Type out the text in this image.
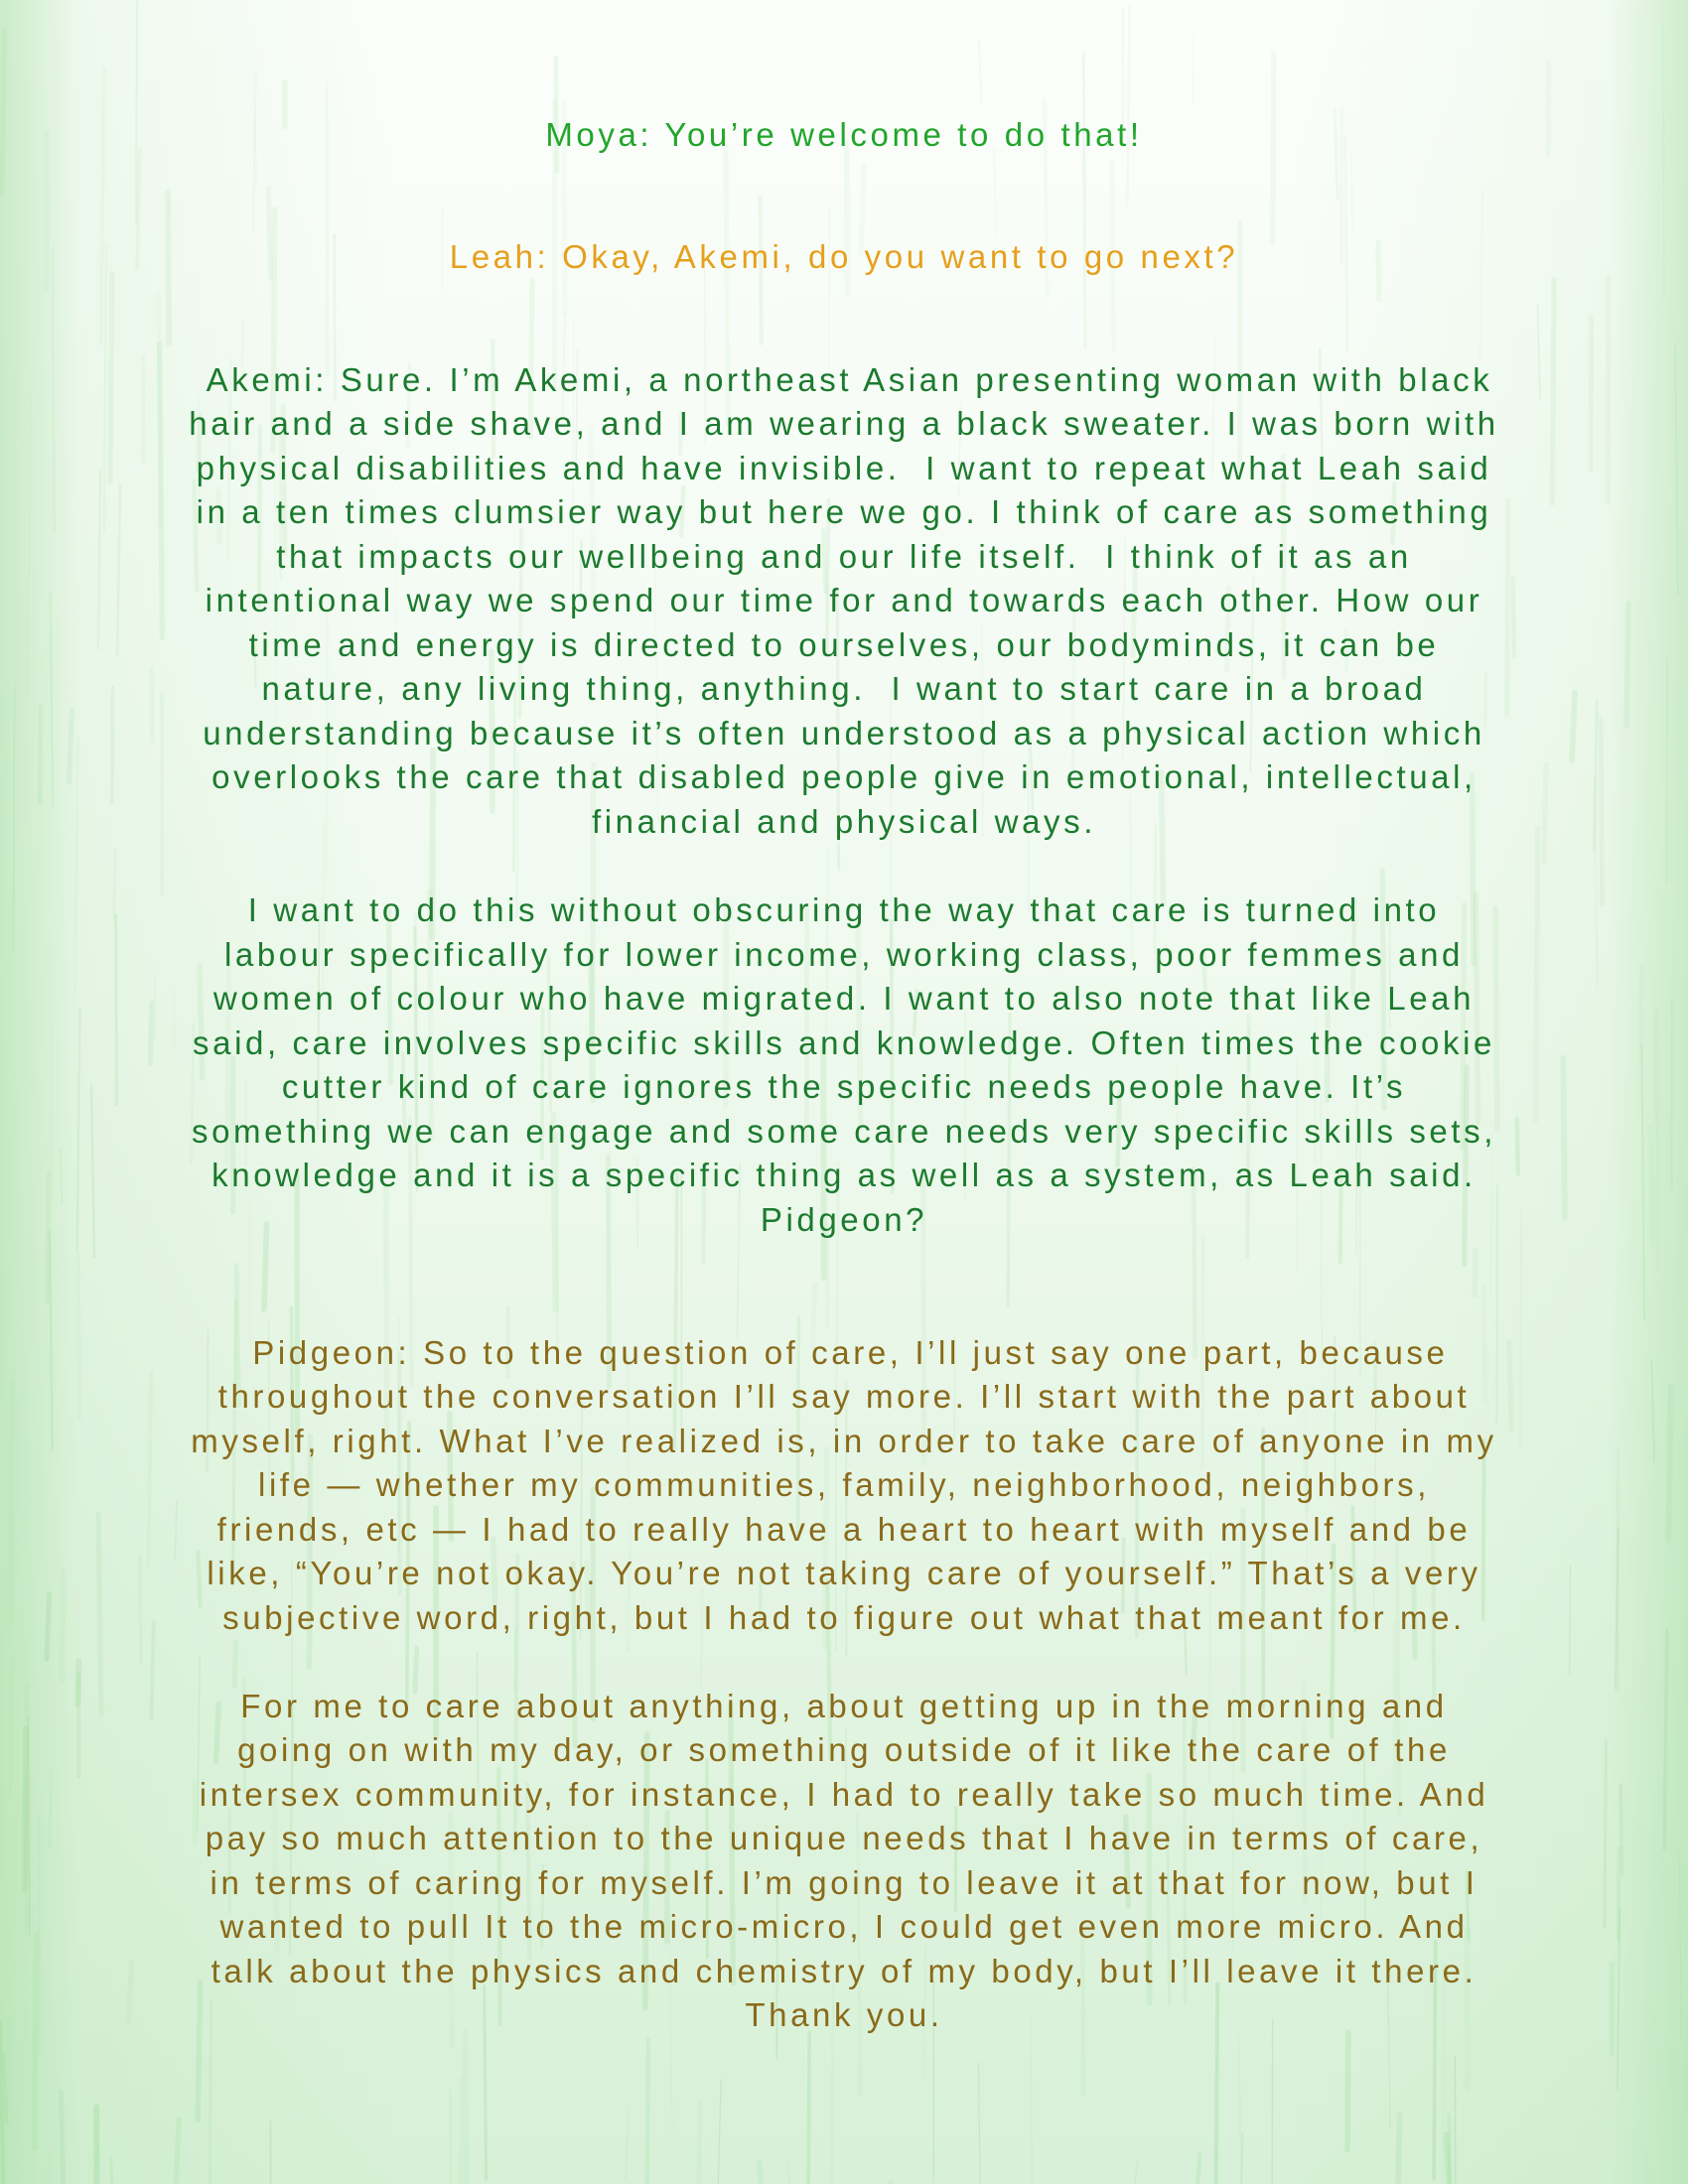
Moya: You’re welcome to do that!
Leah: Okay, Akemi, do you want to go next?
Akemi: Sure. I’m Akemi, a northeast Asian presenting woman with black
hair and a side shave, and I am wearing a black sweater. I was born with
physical disabilities and have invisible.  I want to repeat what Leah said
in a ten times clumsier way but here we go. I think of care as something
that impacts our wellbeing and our life itself.  I think of it as an
intentional way we spend our time for and towards each other. How our
time and energy is directed to ourselves, our bodyminds, it can be
nature, any living thing, anything.  I want to start care in a broad
understanding because it’s often understood as a physical action which
overlooks the care that disabled people give in emotional, intellectual,
financial and physical ways.
I want to do this without obscuring the way that care is turned into
labour specifically for lower income, working class, poor femmes and
women of colour who have migrated. I want to also note that like Leah
said, care involves specific skills and knowledge. Often times the cookie
cutter kind of care ignores the specific needs people have. It’s
something we can engage and some care needs very specific skills sets,
knowledge and it is a specific thing as well as a system, as Leah said.
Pidgeon?
Pidgeon: So to the question of care, I’ll just say one part, because
throughout the conversation I’ll say more. I’ll start with the part about
myself, right. What I’ve realized is, in order to take care of anyone in my
life — whether my communities, family, neighborhood, neighbors,
friends, etc — I had to really have a heart to heart with myself and be
like, “You’re not okay. You’re not taking care of yourself.” That’s a very
subjective word, right, but I had to figure out what that meant for me.
For me to care about anything, about getting up in the morning and
going on with my day, or something outside of it like the care of the
intersex community, for instance, I had to really take so much time. And
pay so much attention to the unique needs that I have in terms of care,
in terms of caring for myself. I’m going to leave it at that for now, but I
wanted to pull It to the micro-micro, I could get even more micro. And
talk about the physics and chemistry of my body, but I’ll leave it there.
Thank you.
